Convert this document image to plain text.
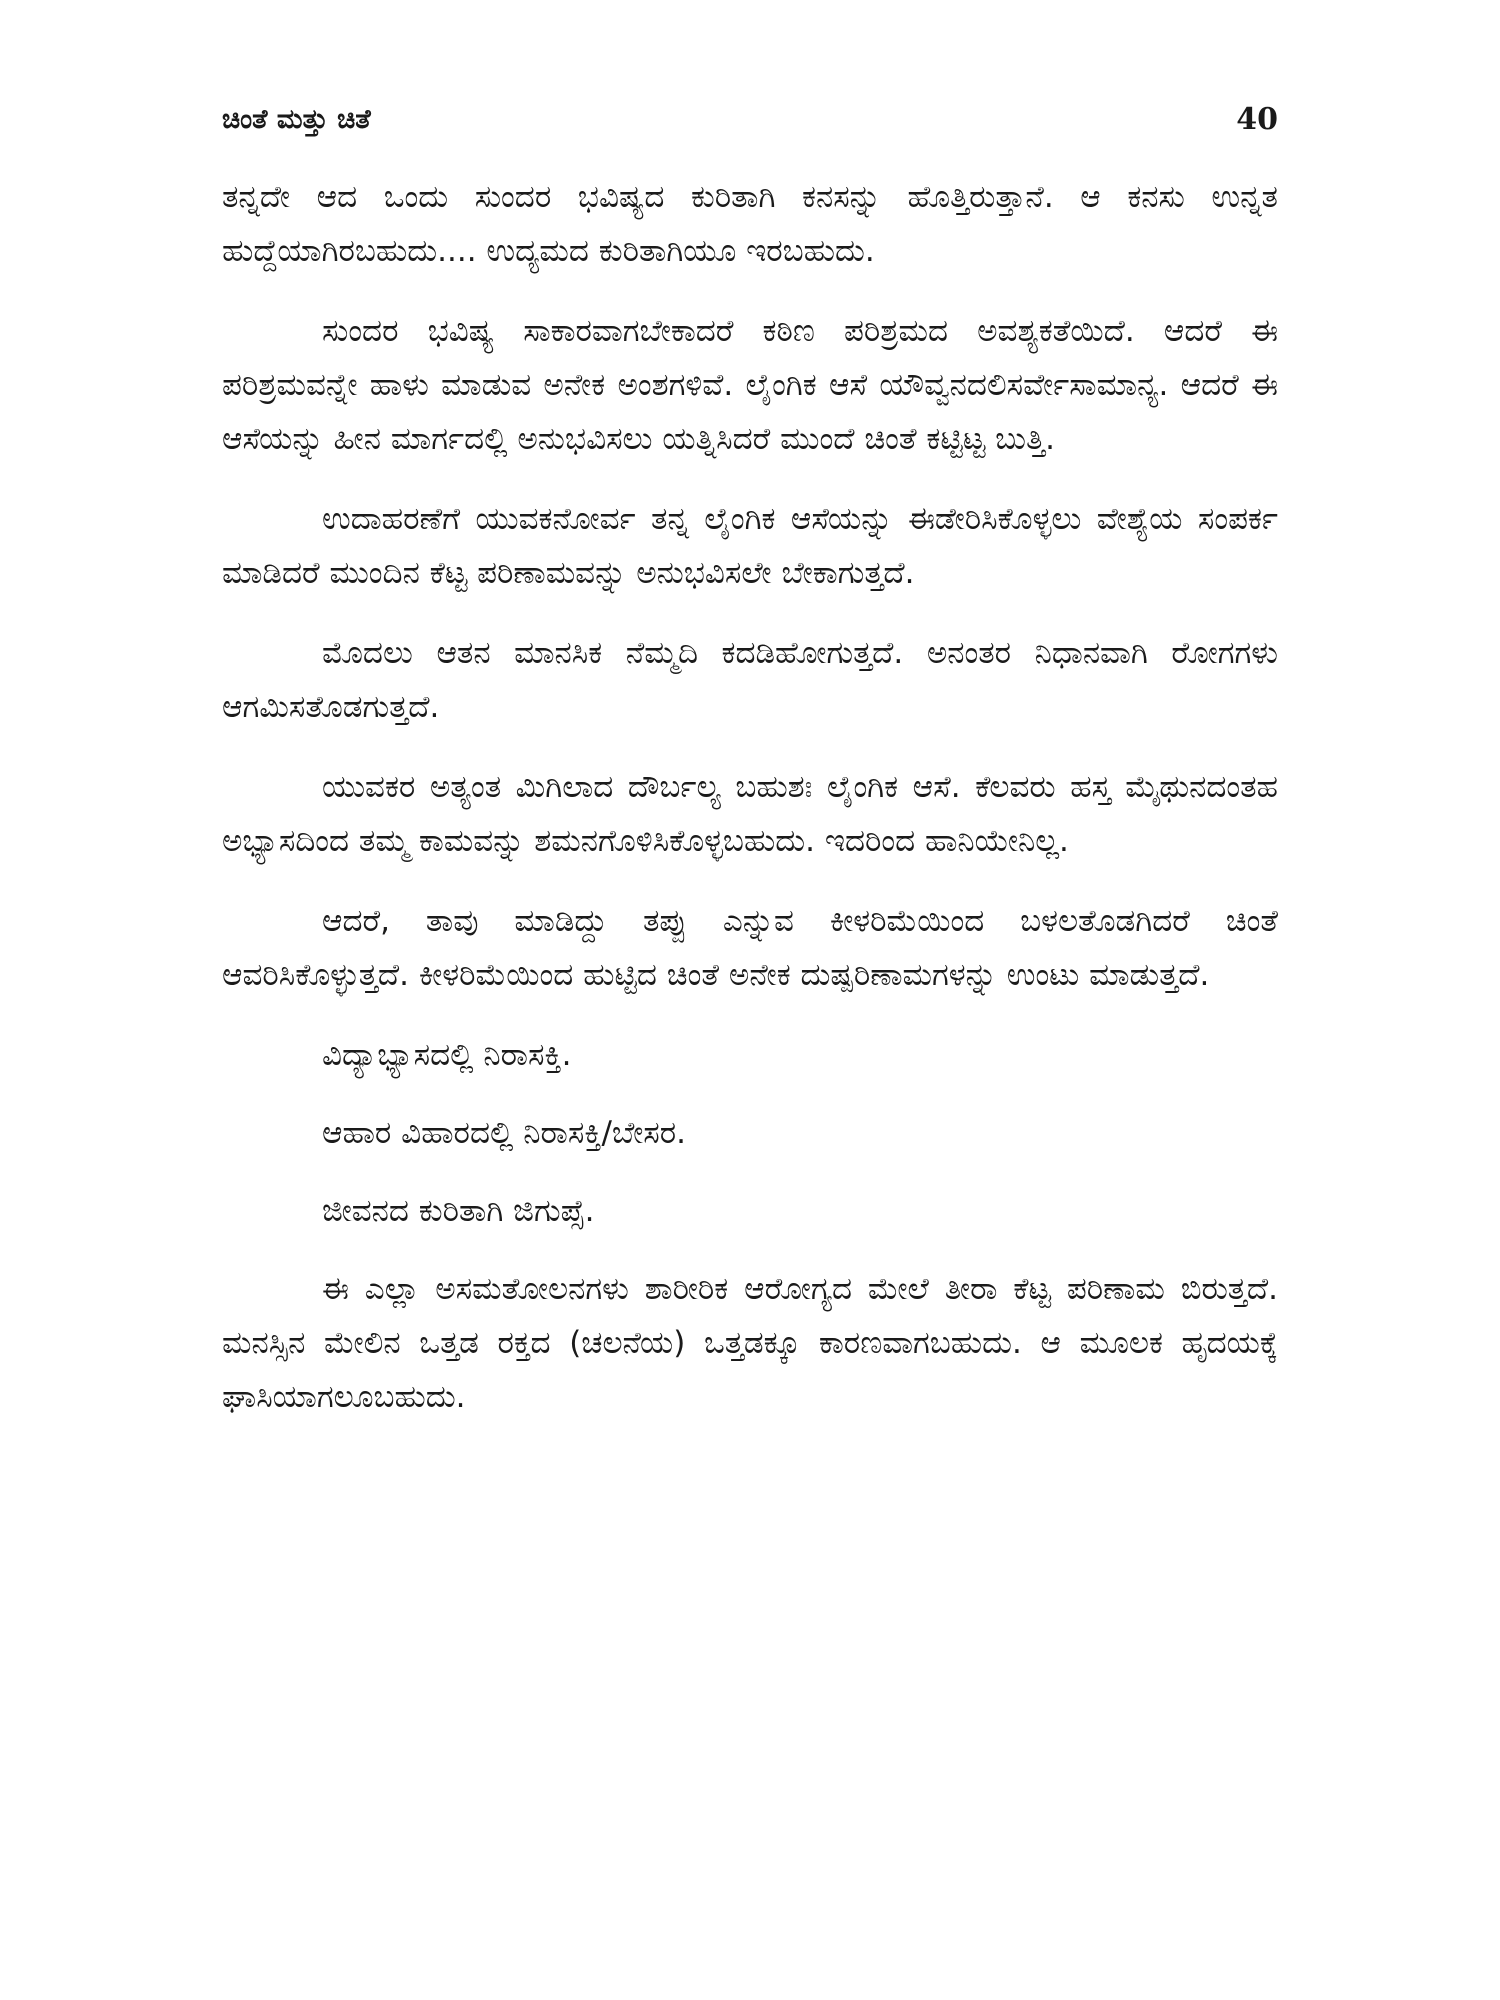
ಚಿಂತೆ ಮತ್ತು ಚಿತೆ	40

ತನ್ನದೇ ಆದ ಒಂದು ಸುಂದರ ಭವಿಷ್ಯದ ಕುರಿತಾಗಿ ಕನಸನ್ನು ಹೊತ್ತಿರುತ್ತಾನೆ. ಆ ಕನಸು ಉನ್ನತ ಹುದ್ದೆಯಾಗಿರಬಹುದು.... ಉದ್ಯಮದ ಕುರಿತಾಗಿಯೂ ಇರಬಹುದು.

ಸುಂದರ ಭವಿಷ್ಯ ಸಾಕಾರವಾಗಬೇಕಾದರೆ ಕಠಿಣ ಪರಿಶ್ರಮದ ಅವಶ್ಯಕತೆಯಿದೆ. ಆದರೆ ಈ ಪರಿಶ್ರಮವನ್ನೇ ಹಾಳು ಮಾಡುವ ಅನೇಕ ಅಂಶಗಳಿವೆ. ಲೈಂಗಿಕ ಆಸೆ ಯೌವ್ವನದಲಿಸರ್ವೇಸಾಮಾನ್ಯ. ಆದರೆ ಈ ಆಸೆಯನ್ನು ಹೀನ ಮಾರ್ಗದಲ್ಲಿ ಅನುಭವಿಸಲು ಯತ್ನಿಸಿದರೆ ಮುಂದೆ ಚಿಂತೆ ಕಟ್ಟಿಟ್ಟ ಬುತ್ತಿ.

ಉದಾಹರಣೆಗೆ ಯುವಕನೋರ್ವ ತನ್ನ ಲೈಂಗಿಕ ಆಸೆಯನ್ನು ಈಡೇರಿಸಿಕೊಳ್ಳಲು ವೇಶ್ಯೆಯ ಸಂಪರ್ಕ ಮಾಡಿದರೆ ಮುಂದಿನ ಕೆಟ್ಟ ಪರಿಣಾಮವನ್ನು ಅನುಭವಿಸಲೇ ಬೇಕಾಗುತ್ತದೆ.

ಮೊದಲು ಆತನ ಮಾನಸಿಕ ನೆಮ್ಮದಿ ಕದಡಿಹೋಗುತ್ತದೆ. ಅನಂತರ ನಿಧಾನವಾಗಿ ರೋಗಗಳು ಆಗಮಿಸತೊಡಗುತ್ತದೆ.

ಯುವಕರ ಅತ್ಯಂತ ಮಿಗಿಲಾದ ದೌರ್ಬಲ್ಯ ಬಹುಶಃ ಲೈಂಗಿಕ ಆಸೆ. ಕೆಲವರು ಹಸ್ತ ಮೈಥುನದಂತಹ ಅಭ್ಯಾಸದಿಂದ ತಮ್ಮ ಕಾಮವನ್ನು ಶಮನಗೊಳಿಸಿಕೊಳ್ಳಬಹುದು. ಇದರಿಂದ ಹಾನಿಯೇನಿಲ್ಲ.

ಆದರೆ, ತಾವು ಮಾಡಿದ್ದು ತಪ್ಪು ಎನ್ನುವ ಕೀಳರಿಮೆಯಿಂದ ಬಳಲತೊಡಗಿದರೆ ಚಿಂತೆ ಆವರಿಸಿಕೊಳ್ಳುತ್ತದೆ. ಕೀಳರಿಮೆಯಿಂದ ಹುಟ್ಟಿದ ಚಿಂತೆ ಅನೇಕ ದುಷ್ಪರಿಣಾಮಗಳನ್ನು ಉಂಟು ಮಾಡುತ್ತದೆ.

ವಿದ್ಯಾಭ್ಯಾಸದಲ್ಲಿ ನಿರಾಸಕ್ತಿ.

ಆಹಾರ ವಿಹಾರದಲ್ಲಿ ನಿರಾಸಕ್ತಿ/ಬೇಸರ.

ಜೀವನದ ಕುರಿತಾಗಿ ಜಿಗುಪ್ಸೆ.

ಈ ಎಲ್ಲಾ ಅಸಮತೋಲನಗಳು ಶಾರೀರಿಕ ಆರೋಗ್ಯದ ಮೇಲೆ ತೀರಾ ಕೆಟ್ಟ ಪರಿಣಾಮ ಬಿರುತ್ತದೆ. ಮನಸ್ಸಿನ ಮೇಲಿನ ಒತ್ತಡ ರಕ್ತದ (ಚಲನೆಯ) ಒತ್ತಡಕ್ಕೂ ಕಾರಣವಾಗಬಹುದು. ಆ ಮೂಲಕ ಹೃದಯಕ್ಕೆ ಘಾಸಿಯಾಗಲೂಬಹುದು.
